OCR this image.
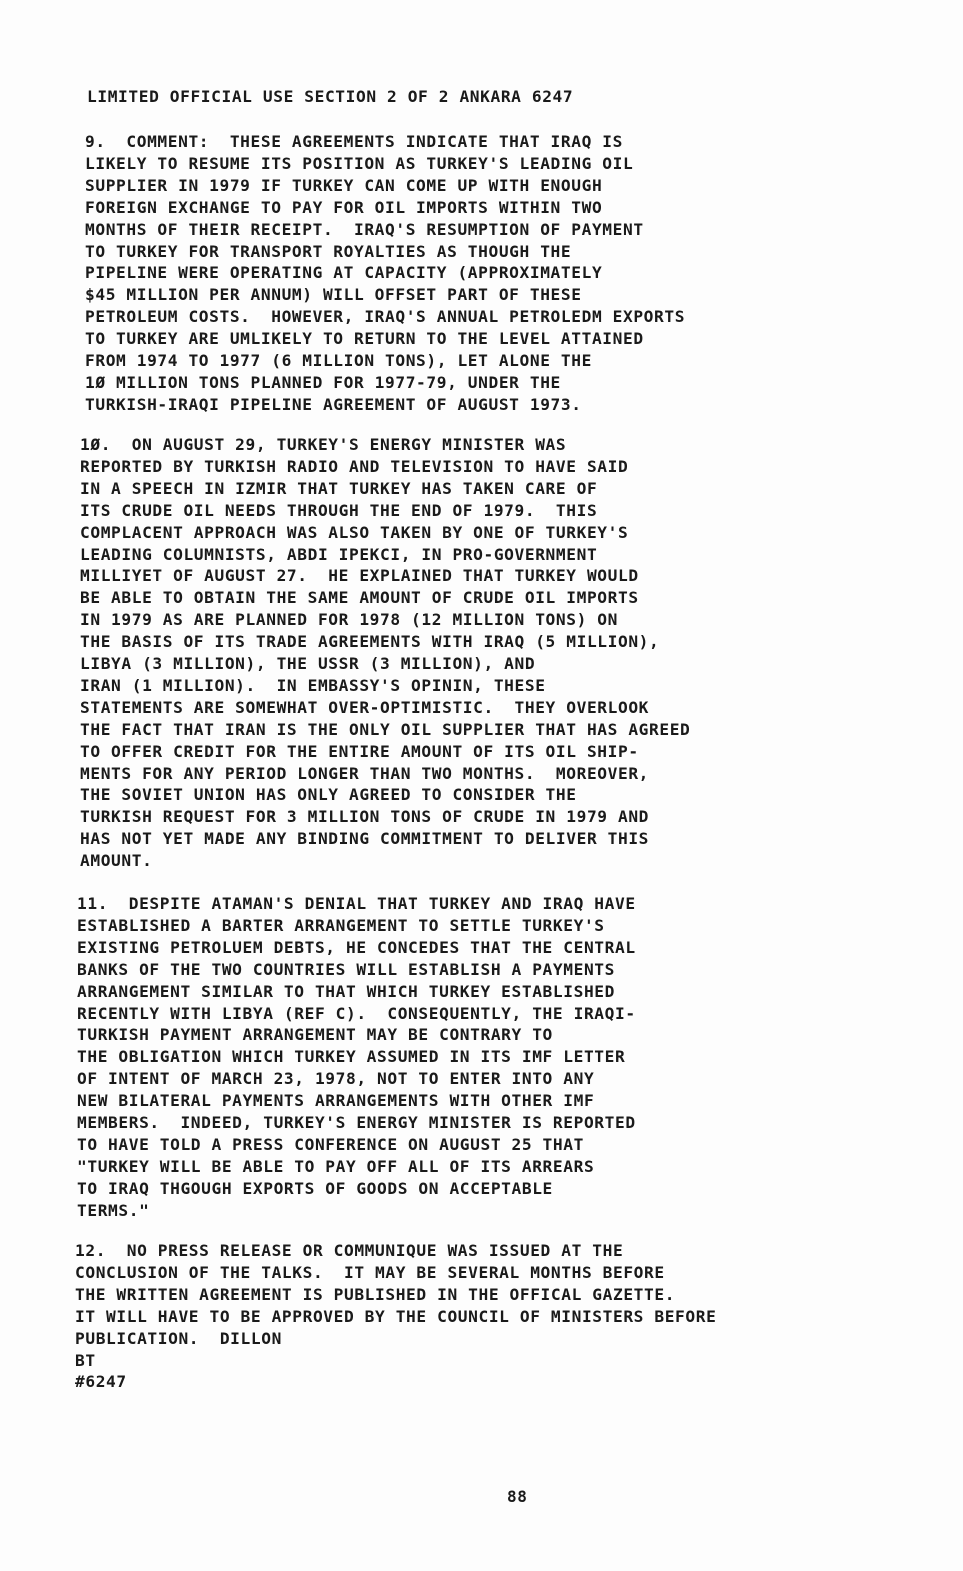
LIMITED OFFICIAL USE SECTION 2 OF 2 ANKARA 6247
9.  COMMENT:  THESE AGREEMENTS INDICATE THAT IRAQ IS
LIKELY TO RESUME ITS POSITION AS TURKEY'S LEADING OIL
SUPPLIER IN 1979 IF TURKEY CAN COME UP WITH ENOUGH
FOREIGN EXCHANGE TO PAY FOR OIL IMPORTS WITHIN TWO
MONTHS OF THEIR RECEIPT.  IRAQ'S RESUMPTION OF PAYMENT
TO TURKEY FOR TRANSPORT ROYALTIES AS THOUGH THE
PIPELINE WERE OPERATING AT CAPACITY (APPROXIMATELY
$45 MILLION PER ANNUM) WILL OFFSET PART OF THESE
PETROLEUM COSTS.  HOWEVER, IRAQ'S ANNUAL PETROLEDM EXPORTS
TO TURKEY ARE UMLIKELY TO RETURN TO THE LEVEL ATTAINED
FROM 1974 TO 1977 (6 MILLION TONS), LET ALONE THE
1Ø MILLION TONS PLANNED FOR 1977-79, UNDER THE
TURKISH-IRAQI PIPELINE AGREEMENT OF AUGUST 1973.
1Ø.  ON AUGUST 29, TURKEY'S ENERGY MINISTER WAS
REPORTED BY TURKISH RADIO AND TELEVISION TO HAVE SAID
IN A SPEECH IN IZMIR THAT TURKEY HAS TAKEN CARE OF
ITS CRUDE OIL NEEDS THROUGH THE END OF 1979.  THIS
COMPLACENT APPROACH WAS ALSO TAKEN BY ONE OF TURKEY'S
LEADING COLUMNISTS, ABDI IPEKCI, IN PRO-GOVERNMENT
MILLIYET OF AUGUST 27.  HE EXPLAINED THAT TURKEY WOULD
BE ABLE TO OBTAIN THE SAME AMOUNT OF CRUDE OIL IMPORTS
IN 1979 AS ARE PLANNED FOR 1978 (12 MILLION TONS) ON
THE BASIS OF ITS TRADE AGREEMENTS WITH IRAQ (5 MILLION),
LIBYA (3 MILLION), THE USSR (3 MILLION), AND
IRAN (1 MILLION).  IN EMBASSY'S OPININ, THESE
STATEMENTS ARE SOMEWHAT OVER-OPTIMISTIC.  THEY OVERLOOK
THE FACT THAT IRAN IS THE ONLY OIL SUPPLIER THAT HAS AGREED
TO OFFER CREDIT FOR THE ENTIRE AMOUNT OF ITS OIL SHIP-
MENTS FOR ANY PERIOD LONGER THAN TWO MONTHS.  MOREOVER,
THE SOVIET UNION HAS ONLY AGREED TO CONSIDER THE
TURKISH REQUEST FOR 3 MILLION TONS OF CRUDE IN 1979 AND
HAS NOT YET MADE ANY BINDING COMMITMENT TO DELIVER THIS
AMOUNT.
11.  DESPITE ATAMAN'S DENIAL THAT TURKEY AND IRAQ HAVE
ESTABLISHED A BARTER ARRANGEMENT TO SETTLE TURKEY'S
EXISTING PETROLUEM DEBTS, HE CONCEDES THAT THE CENTRAL
BANKS OF THE TWO COUNTRIES WILL ESTABLISH A PAYMENTS
ARRANGEMENT SIMILAR TO THAT WHICH TURKEY ESTABLISHED
RECENTLY WITH LIBYA (REF C).  CONSEQUENTLY, THE IRAQI-
TURKISH PAYMENT ARRANGEMENT MAY BE CONTRARY TO
THE OBLIGATION WHICH TURKEY ASSUMED IN ITS IMF LETTER
OF INTENT OF MARCH 23, 1978, NOT TO ENTER INTO ANY
NEW BILATERAL PAYMENTS ARRANGEMENTS WITH OTHER IMF
MEMBERS.  INDEED, TURKEY'S ENERGY MINISTER IS REPORTED
TO HAVE TOLD A PRESS CONFERENCE ON AUGUST 25 THAT
"TURKEY WILL BE ABLE TO PAY OFF ALL OF ITS ARREARS
TO IRAQ THGOUGH EXPORTS OF GOODS ON ACCEPTABLE
TERMS."
12.  NO PRESS RELEASE OR COMMUNIQUE WAS ISSUED AT THE
CONCLUSION OF THE TALKS.  IT MAY BE SEVERAL MONTHS BEFORE
THE WRITTEN AGREEMENT IS PUBLISHED IN THE OFFICAL GAZETTE.
IT WILL HAVE TO BE APPROVED BY THE COUNCIL OF MINISTERS BEFORE
PUBLICATION.  DILLON
BT
#6247
88
